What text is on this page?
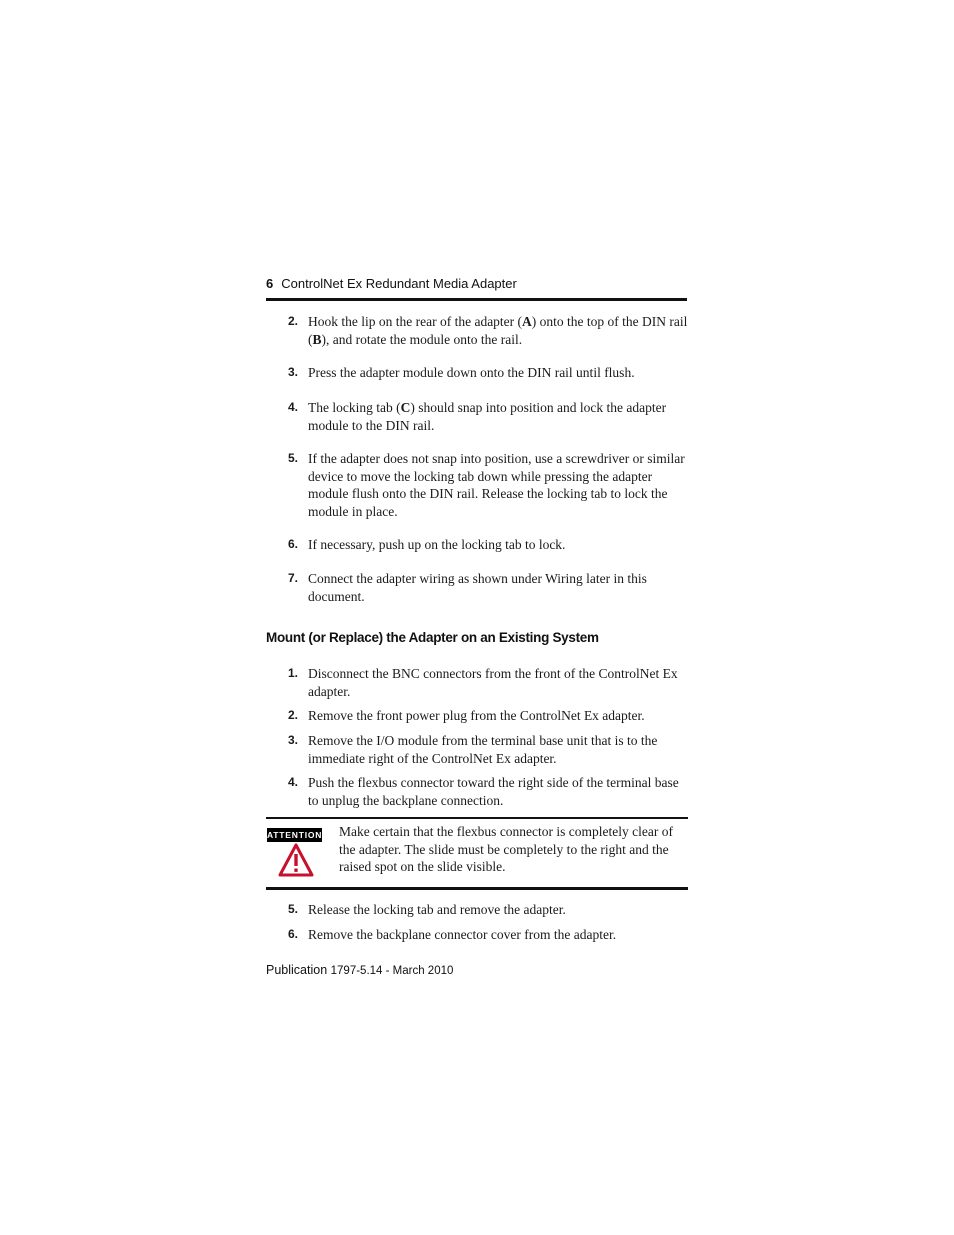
6 ControlNet Ex Redundant Media Adapter
2. Hook the lip on the rear of the adapter (A) onto the top of the DIN rail (B), and rotate the module onto the rail.
3. Press the adapter module down onto the DIN rail until flush.
4. The locking tab (C) should snap into position and lock the adapter module to the DIN rail.
5. If the adapter does not snap into position, use a screwdriver or similar device to move the locking tab down while pressing the adapter module flush onto the DIN rail. Release the locking tab to lock the module in place.
6. If necessary, push up on the locking tab to lock.
7. Connect the adapter wiring as shown under Wiring later in this document.
Mount (or Replace) the Adapter on an Existing System
1. Disconnect the BNC connectors from the front of the ControlNet Ex adapter.
2. Remove the front power plug from the ControlNet Ex adapter.
3. Remove the I/O module from the terminal base unit that is to the immediate right of the ControlNet Ex adapter.
4. Push the flexbus connector toward the right side of the terminal base to unplug the backplane connection.
ATTENTION Make certain that the flexbus connector is completely clear of the adapter. The slide must be completely to the right and the raised spot on the slide visible.
5. Release the locking tab and remove the adapter.
6. Remove the backplane connector cover from the adapter.
Publication 1797-5.14 - March 2010
